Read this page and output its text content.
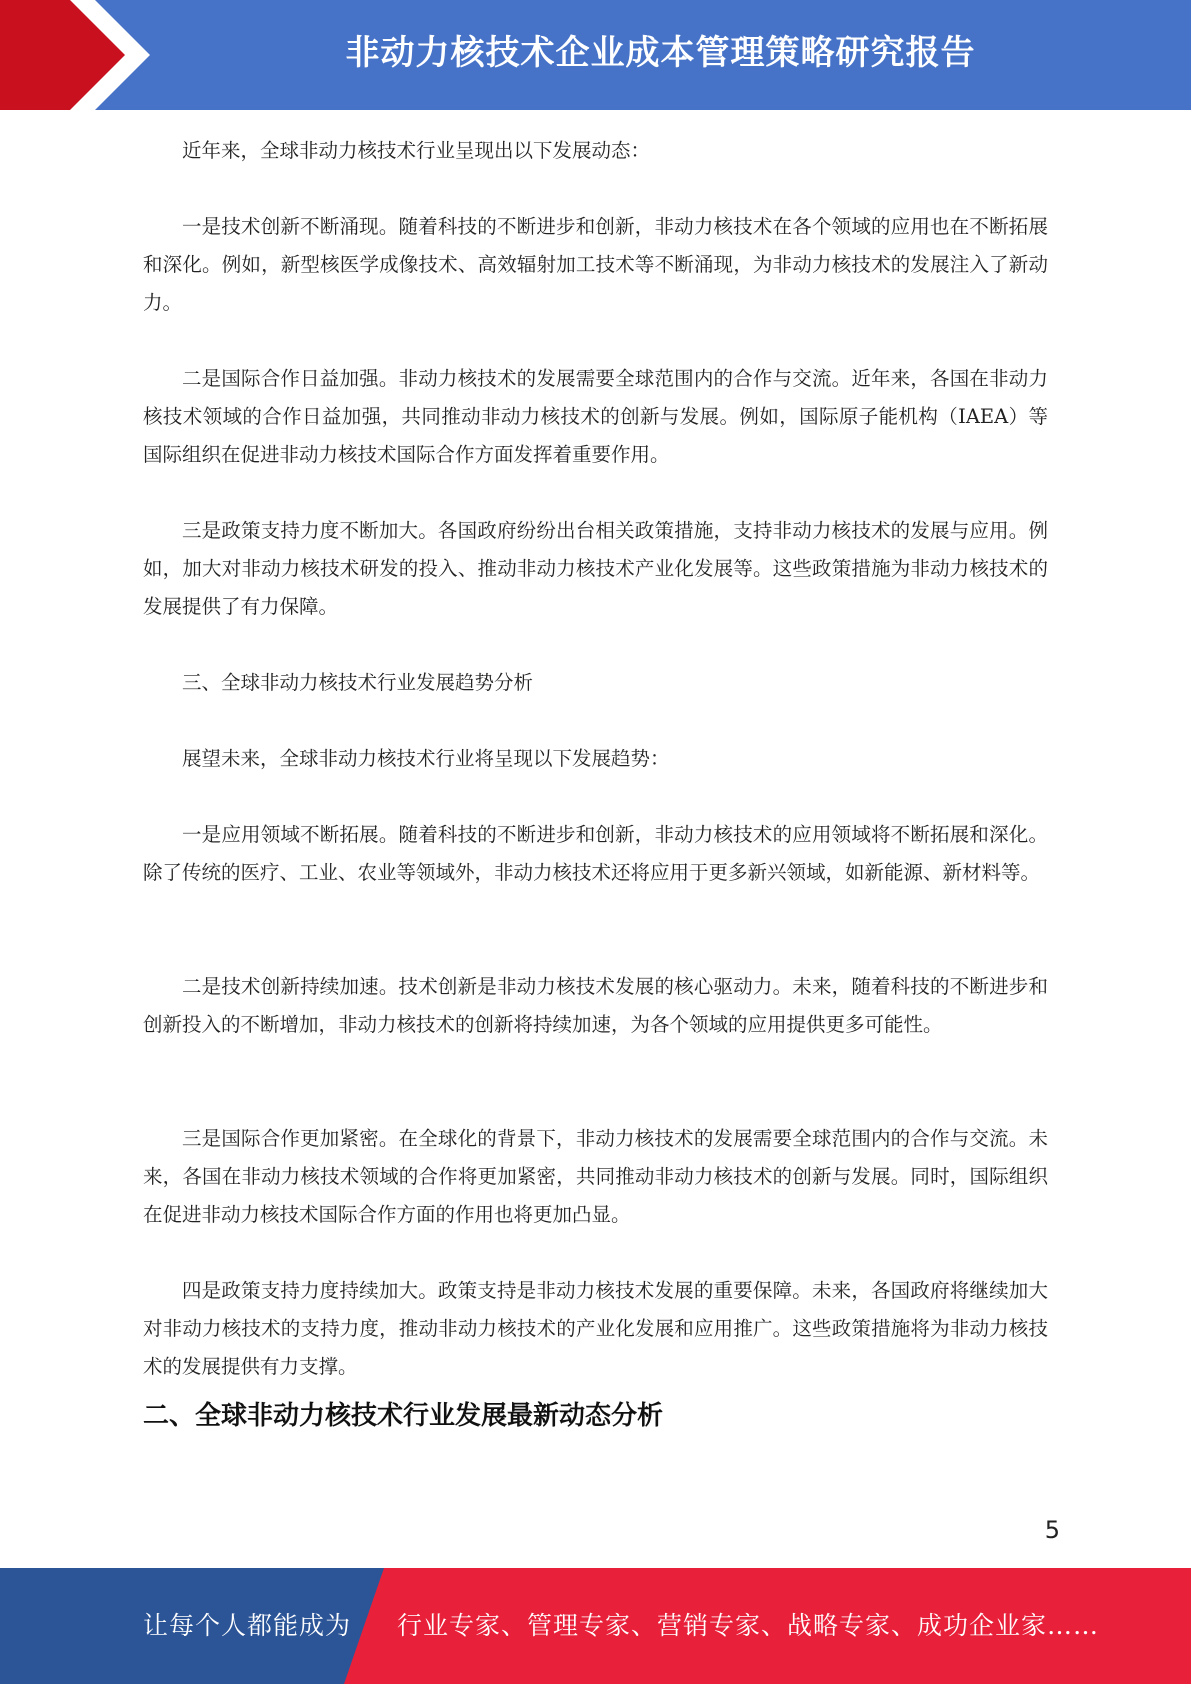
非动力核技术企业成本管理策略研究报告

近年来，全球非动力核技术行业呈现出以下发展动态：

一是技术创新不断涌现。随着科技的不断进步和创新，非动力核技术在各个领域的应用也在不断拓展和深化。例如，新型核医学成像技术、高效辐射加工技术等不断涌现，为非动力核技术的发展注入了新动力。

二是国际合作日益加强。非动力核技术的发展需要全球范围内的合作与交流。近年来，各国在非动力核技术领域的合作日益加强，共同推动非动力核技术的创新与发展。例如，国际原子能机构（IAEA）等国际组织在促进非动力核技术国际合作方面发挥着重要作用。

三是政策支持力度不断加大。各国政府纷纷出台相关政策措施，支持非动力核技术的发展与应用。例如，加大对非动力核技术研发的投入、推动非动力核技术产业化发展等。这些政策措施为非动力核技术的发展提供了有力保障。

三、全球非动力核技术行业发展趋势分析

展望未来，全球非动力核技术行业将呈现以下发展趋势：

一是应用领域不断拓展。随着科技的不断进步和创新，非动力核技术的应用领域将不断拓展和深化。除了传统的医疗、工业、农业等领域外，非动力核技术还将应用于更多新兴领域，如新能源、新材料等。

二是技术创新持续加速。技术创新是非动力核技术发展的核心驱动力。未来，随着科技的不断进步和创新投入的不断增加，非动力核技术的创新将持续加速，为各个领域的应用提供更多可能性。

三是国际合作更加紧密。在全球化的背景下，非动力核技术的发展需要全球范围内的合作与交流。未来，各国在非动力核技术领域的合作将更加紧密，共同推动非动力核技术的创新与发展。同时，国际组织在促进非动力核技术国际合作方面的作用也将更加凸显。

四是政策支持力度持续加大。政策支持是非动力核技术发展的重要保障。未来，各国政府将继续加大对非动力核技术的支持力度，推动非动力核技术的产业化发展和应用推广。这些政策措施将为非动力核技术的发展提供有力支撑。

二、全球非动力核技术行业发展最新动态分析
5
让每个人都能成为 行业专家、管理专家、营销专家、战略专家、成功企业家……
